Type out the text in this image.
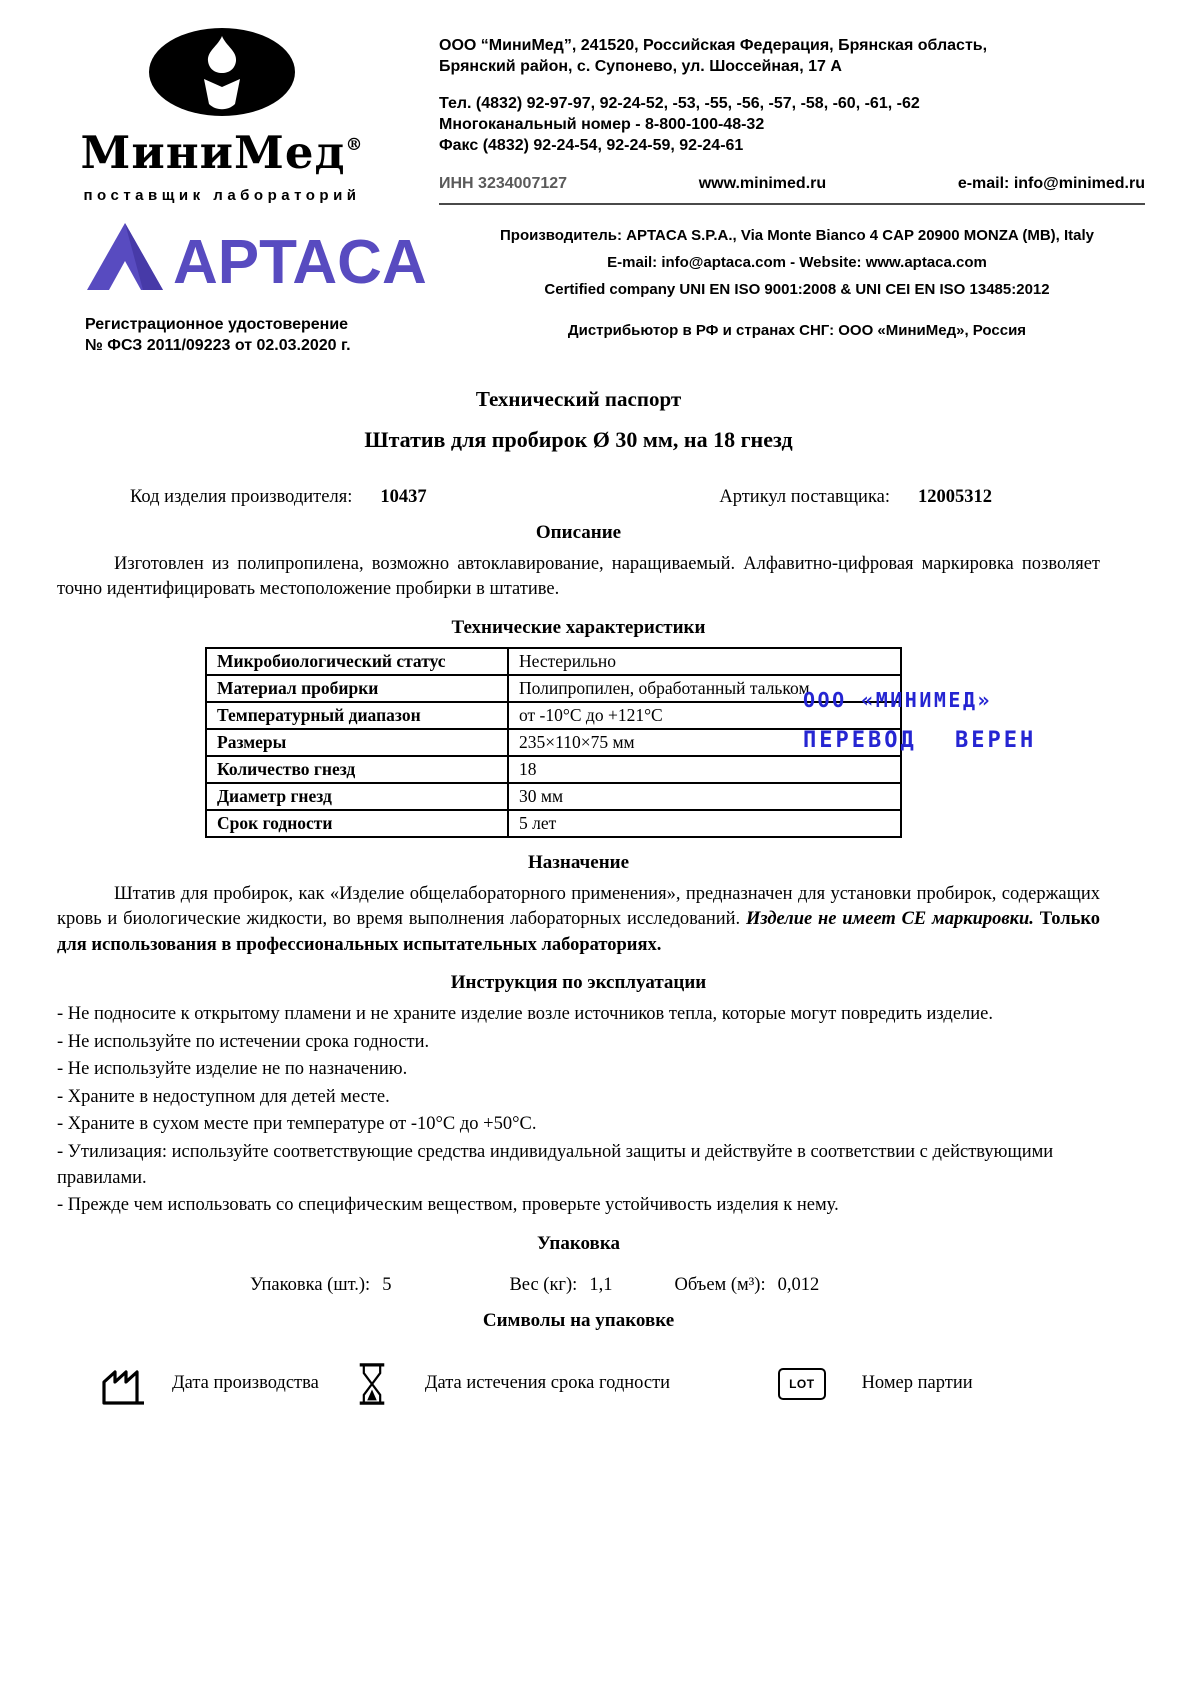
МиниМед®
поставщик лабораторий

ООО “МиниМед”, 241520, Российская Федерация, Брянская область,
Брянский район, с. Супонево, ул. Шоссейная, 17 А

Тел. (4832) 92-97-97, 92-24-52, -53, -55, -56, -57, -58, -60, -61, -62
Многоканальный номер - 8-800-100-48-32
Факс (4832) 92-24-54, 92-24-59, 92-24-61

ИНН 3234007127	www.minimed.ru	e-mail: info@minimed.ru
APTACA
Регистрационное удостоверение
№ ФСЗ 2011/09223 от 02.03.2020 г.
Производитель: APTACA S.P.A., Via Monte Bianco 4 CAP 20900 MONZA (MB), Italy
E-mail: info@aptaca.com - Website: www.aptaca.com
Certified company UNI EN ISO 9001:2008 & UNI CEI EN ISO 13485:2012
Дистрибьютор в РФ и странах СНГ: ООО «МиниМед», Россия
Технический паспорт
Штатив для пробирок Ø 30 мм, на 18 гнезд
Код изделия производителя: 10437	Артикул поставщика: 12005312
Описание

Изготовлен из полипропилена, возможно автоклавирование, наращиваемый. Алфавитно-цифровая маркировка позволяет точно идентифицировать местоположение пробирки в штативе.

Технические характеристики
Микробиологический статус	Нестерильно
Материал пробирки	Полипропилен, обработанный тальком
Температурный диапазон	от -10°С до +121°С
Размеры	235×110×75 мм
Количество гнезд	18
Диаметр гнезд	30 мм
Срок годности	5 лет
Назначение

Штатив для пробирок, как «Изделие общелабораторного применения», предназначен для установки пробирок, содержащих кровь и биологические жидкости, во время выполнения лабораторных исследований. Изделие не имеет СЕ маркировки. Только для использования в профессиональных испытательных лабораториях.

Инструкция по эксплуатации
- Не подносите к открытому пламени и не храните изделие возле источников тепла, которые могут повредить изделие.
- Не используйте по истечении срока годности.
- Не используйте изделие не по назначению.
- Храните в недоступном для детей месте.
- Храните в сухом месте при температуре от -10°С до +50°С.
- Утилизация: используйте соответствующие средства индивидуальной защиты и действуйте в соответствии с действующими правилами.
- Прежде чем использовать со специфическим веществом, проверьте устойчивость изделия к нему.
Упаковка
Упаковка (шт.): 5	Вес (кг): 1,1	Объем (м³): 0,012
Символы на упаковке
Дата производства	Дата истечения срока годности	LOT	Номер партии
ООО «МИНИМЕД»
ПЕРЕВОД ВЕРЕН
